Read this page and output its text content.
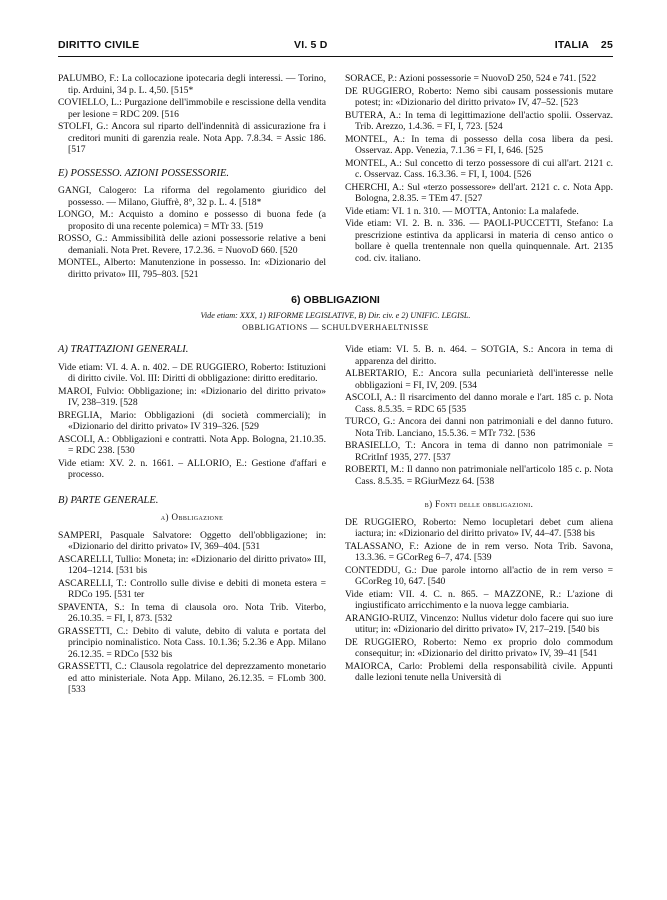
DIRITTO CIVILE	VI. 5 D	ITALIA 25
PALUMBO, F.: La collocazione ipotecaria degli interessi. — Torino, tip. Arduini, 34 p. L. 4,50. [515*
COVIELLO, L.: Purgazione dell'immobile e rescissione della vendita per lesione = RDC 209. [516
STOLFI, G.: Ancora sul riparto dell'indennità di assicurazione fra i creditori muniti di garenzia reale. Nota App. 7.8.34. = Assic 186. [517
E) POSSESSO. AZIONI POSSESSORIE.
GANGI, Calogero: La riforma del regolamento giuridico del possesso. — Milano, Giuffrè, 8°, 32 p. L. 4. [518*
LONGO, M.: Acquisto a domino e possesso di buona fede (a proposito di una recente polemica) = MTr 33. [519
ROSSO, G.: Ammissibilità delle azioni possessorie relative a beni demaniali. Nota Pret. Revere, 17.2.36. = NuovoD 660. [520
MONTEL, Alberto: Manutenzione in possesso. In: «Dizionario del diritto privato» III, 795–803. [521
SORACE, P.: Azioni possessorie = NuovoD 250, 524 e 741. [522
DE RUGGIERO, Roberto: Nemo sibi causam possessionis mutare potest; in: «Dizionario del diritto privato» IV, 47–52. [523
BUTERA, A.: In tema di legittimazione dell'actio spolii. Osservaz. Trib. Arezzo, 1.4.36. = FI, I, 723. [524
MONTEL, A.: In tema di possesso della cosa libera da pesi. Osservaz. App. Venezia, 7.1.36 = FI, I, 646. [525
MONTEL, A.: Sul concetto di terzo possessore di cui all'art. 2121 c. c. Osservaz. Cass. 16.3.36. = FI, I, 1004. [526
CHERCHI, A.: Sul «terzo possessore» dell'art. 2121 c. c. Nota App. Bologna, 2.8.35. = TEm 47. [527
Vide etiam: VI. 1 n. 310. — MOTTA, Antonio: La malafede.
Vide etiam: VI. 2. B. n. 336. — PAOLI-PUCCETTI, Stefano: La prescrizione estintiva da applicarsi in materia di censo antico o bollare è quella trentennale non quella quinquennale. Art. 2135 cod. civ. italiano.
6) OBBLIGAZIONI
Vide etiam: XXX, 1) RIFORME LEGISLATIVE, B) Dir. civ. e 2) UNIFIC. LEGISL.
OBBLIGATIONS — SCHULDVERHAELTNISSE
A) TRATTAZIONI GENERALI.
Vide etiam: VI. 4. A. n. 402. – DE RUGGIERO, Roberto: Istituzioni di diritto civile. Vol. III: Diritti di obbligazione: diritto ereditario.
MAROI, Fulvio: Obbligazione; in: «Dizionario del diritto privato» IV, 238–319. [528
BREGLIA, Mario: Obbligazioni (di società commerciali); in «Dizionario del diritto privato» IV 319–326. [529
ASCOLI, A.: Obbligazioni e contratti. Nota App. Bologna, 21.10.35. = RDC 238. [530
Vide etiam: XV. 2. n. 1661. – ALLORIO, E.: Gestione d'affari e processo.
B) PARTE GENERALE.
a) Obbligazione
SAMPERI, Pasquale Salvatore: Oggetto dell'obbligazione; in: «Dizionario del diritto privato» IV, 369–404. [531
ASCARELLI, Tullio: Moneta; in: «Dizionario del diritto privato» III, 1204–1214. [531 bis
ASCARELLI, T.: Controllo sulle divise e debiti di moneta estera = RDCo 195. [531 ter
SPAVENTA, S.: In tema di clausola oro. Nota Trib. Viterbo, 26.10.35. = FI, I, 873. [532
GRASSETTI, C.: Debito di valute, debito di valuta e portata del principio nominalistico. Nota Cass. 10.1.36; 5.2.36 e App. Milano 26.12.35. = RDCo [532 bis
GRASSETTI, C.: Clausola regolatrice del deprezzamento monetario ed atto ministeriale. Nota App. Milano, 26.12.35. = FLomb 300. [533
Vide etiam: VI. 5. B. n. 464. – SOTGIA, S.: Ancora in tema di apparenza del diritto.
ALBERTARIO, E.: Ancora sulla pecuniarietà dell'interesse nelle obbligazioni = FI, IV, 209. [534
ASCOLI, A.: Il risarcimento del danno morale e l'art. 185 c. p. Nota Cass. 8.5.35. = RDC 65 [535
TURCO, G.: Ancora dei danni non patrimoniali e del danno futuro. Nota Trib. Lanciano, 15.5.36. = MTr 732. [536
BRASIELLO, T.: Ancora in tema di danno non patrimoniale = RCritInf 1935, 277. [537
ROBERTI, M.: Il danno non patrimoniale nell'articolo 185 c. p. Nota Cass. 8.5.35. = RGiurMezz 64. [538
b) Fonti delle obbligazioni.
DE RUGGIERO, Roberto: Nemo locupletari debet cum aliena iactura; in: «Dizionario del diritto privato» IV, 44–47. [538 bis
TALASSANO, F.: Azione de in rem verso. Nota Trib. Savona, 13.3.36. = GCorReg 6–7, 474. [539
CONTEDDU, G.: Due parole intorno all'actio de in rem verso = GCorReg 10, 647. [540
Vide etiam: VII. 4. C. n. 865. – MAZZONE, R.: L'azione di ingiustificato arricchimento e la nuova legge cambiaria.
ARANGIO-RUIZ, Vincenzo: Nullus videtur dolo facere qui suo iure utitur; in: «Dizionario del diritto privato» IV, 217–219. [540 bis
DE RUGGIERO, Roberto: Nemo ex proprio dolo commodum consequitur; in: «Dizionario del diritto privato» IV, 39–41 [541
MAIORCA, Carlo: Problemi della responsabilità civile. Appunti dalle lezioni tenute nella Università di
